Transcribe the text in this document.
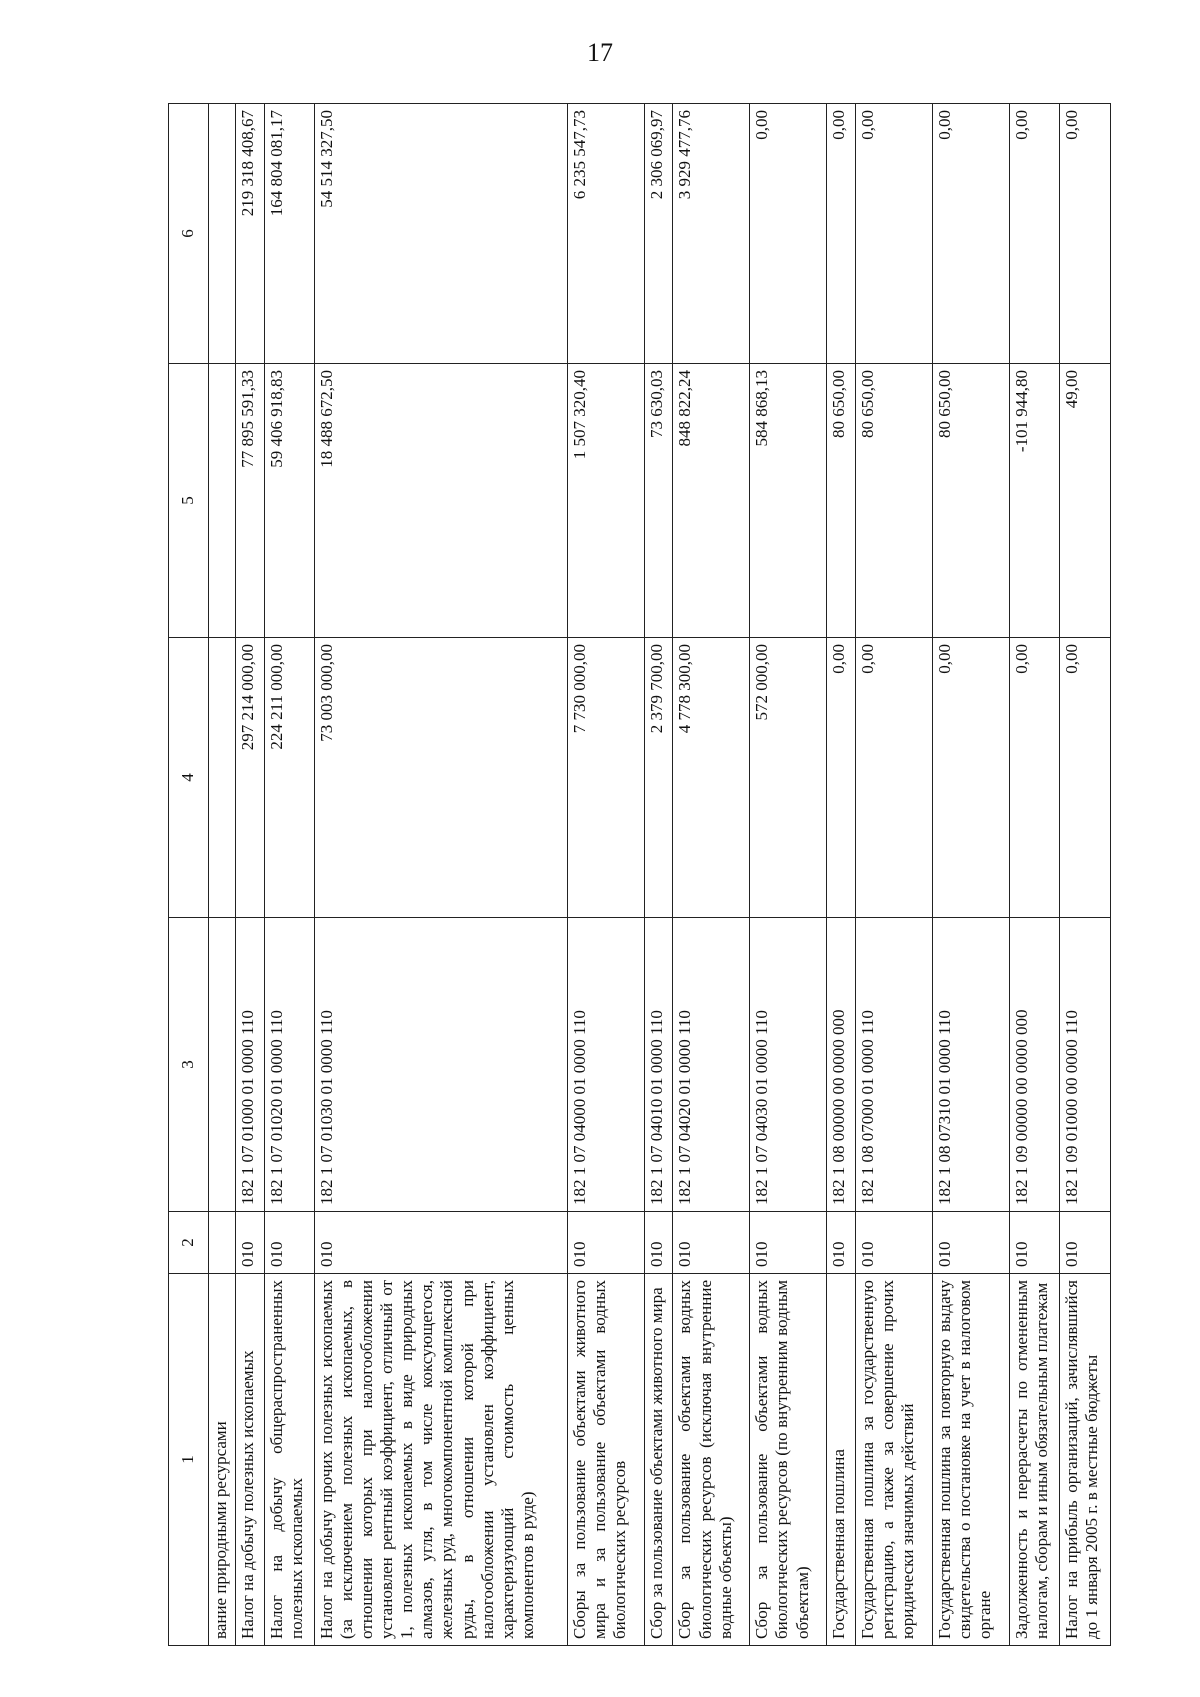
17
1	2	3	4	5	6
вание природными ресурсами					
Налог на добычу полезных ископаемых	010	182 1 07 01000 01 0000 110	297 214 000,00	77 895 591,33	219 318 408,67
Налог на добычу общераспространенных полезных ископаемых	010	182 1 07 01020 01 0000 110	224 211 000,00	59 406 918,83	164 804 081,17
Налог на добычу прочих полезных ископаемых (за исключением полезных ископаемых, в отношении которых при налогообложении установлен рентный коэффициент, отличный от 1, полезных ископаемых в виде природных алмазов, угля, в том числе коксующегося, железных руд, многокомпонентной комплексной руды, в отношении которой при налогообложении установлен коэффициент, характеризующий стоимость ценных компонентов в руде)	010	182 1 07 01030 01 0000 110	73 003 000,00	18 488 672,50	54 514 327,50
Сборы за пользование объектами животного мира и за пользование объектами водных биологических ресурсов	010	182 1 07 04000 01 0000 110	7 730 000,00	1 507 320,40	6 235 547,73
Сбор за пользование объектами животного мира	010	182 1 07 04010 01 0000 110	2 379 700,00	73 630,03	2 306 069,97
Сбор за пользование объектами водных биологических ресурсов (исключая внутренние водные объекты)	010	182 1 07 04020 01 0000 110	4 778 300,00	848 822,24	3 929 477,76
Сбор за пользование объектами водных биологических ресурсов (по внутренним водным объектам)	010	182 1 07 04030 01 0000 110	572 000,00	584 868,13	0,00
Государственная пошлина	010	182 1 08 00000 00 0000 000	0,00	80 650,00	0,00
Государственная пошлина за государственную регистрацию, а также за совершение прочих юридически значимых действий	010	182 1 08 07000 01 0000 110	0,00	80 650,00	0,00
Государственная пошлина за повторную выдачу свидетельства о постановке на учет в налоговом органе	010	182 1 08 07310 01 0000 110	0,00	80 650,00	0,00
Задолженность и перерасчеты по отмененным налогам, сборам и иным обязательным платежам	010	182 1 09 00000 00 0000 000	0,00	-101 944,80	0,00
Налог на прибыль организаций, зачислявшийся до 1 января 2005 г. в местные бюджеты	010	182 1 09 01000 00 0000 110	0,00	49,00	0,00
